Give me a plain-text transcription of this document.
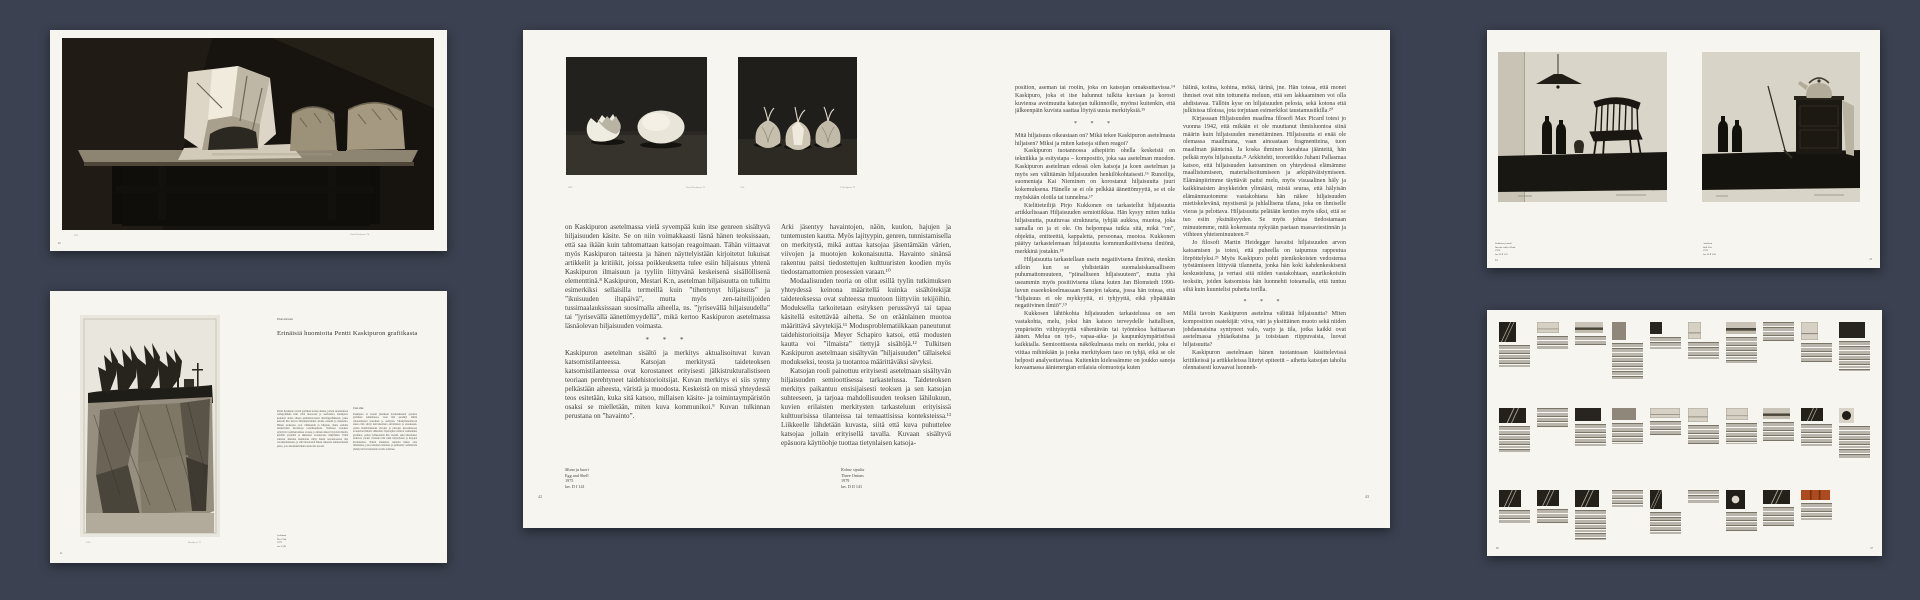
I/III	Pentti Kaskipuro 74
40
5/50	Kaskipuro 72
Erkki Anttonen
Erinäisiä huomioita Pentti Kaskipuron grafiikasta
Pentti Kaskipuro aloitti grafiikan uransa aikana, jolloin suomalainen taidegrafiikka haki vielä muotoaan ja asemaansa. Kaskipuro keskittyi alusta alkaen pienimuotoiseen metalligrafiikkaan, jonka keinoin hän kuvasi lähiympäristönsä arkisia esineitä ja maisemia. Hänen teoksensa ovat vähäeleisiä ja hiljaisia, mutta samalla intensiivisiä havaintoja todellisuudesta. Varhaiset vedokset syntyivät vaatimattomissa oloissa, ja niiden aiheet löytyivät läheltä, keittiön pöydältä ja ikkunasta avautuvasta näkymästä. Tämä arkisten aiheiden kunnioitus säilyi hänen tuotannossaan läpi vuosikymmenten, ja siitä muodostui hänen taiteensa tunnusomaisin piirre, jota aikalaiskritiikki toistuvasti korosti.
Uusi alku
Kaskipuro ei saanut juurikaan kouluaikanaan opetusta grafiikan tekniikoissa, vaan hän perehtyi niihin omatoimisesti kokeillen ja erehtyen. Viisikymmenluvun alussa hän siirtyi kuivaneulasta akvatintaan ja etsaukseen, joiden mahdollisuudet sävyjen ja pintojen kuvaamisessa avautuivat hänelle vähitellen. Opettajina toimivat vanhemmat graafikot, joiden työhuoneilla hän vieraili, sekä ulkomaiset esikuvat, joiden vedoksia hän tutki näyttelyissä ja kirjojen kuvituksissa. Näistä aineksista rakentui hänen oma ilmaisunsa, jossa tekninen taituruus ja pelkistetty sommittelu yhdistyvät harvinaisella tavalla toisiinsa.
Jyrkänne
The Cliff
1972
ets. C 68
41
II/IV	Pentti Kaskipuro 75	2/50	P. Kaskipuro 79

on Kaskipuron asetelmassa vielä syvempää kuin itse genreen sisältyvä hiljaisuuden käsite. Se on niin voimakkaasti läsnä hänen teoksissaan, että saa ikään kuin tahtomattaan katsojan reagoimaan. Tähän viittaavat myös Kaskipuron taiteesta ja hänen näyttelyistään kirjoitetut lukuisat artikkelit ja kritiikit, joissa poikkeuksetta tulee esiin hiljaisuus yhtenä Kaskipuron ilmaisuun ja tyyliin liittyvänä keskeisenä sisällöllisenä elementtinä.⁸ Kaskipuron, Mestari K:n, asetelman hiljaisuutta on tulkittu esimerkiksi sellaisilla termeillä kuin ”tihentynyt hiljaisuus” ja ”ikuisuuden iltapäivä”, mutta myös zen-taiteilijoiden tussimaalauksissaan suosimalla aiheella, ns. ”jyrisevällä hiljaisuudella” tai ”jyrisevällä äänettömyydellä”, mikä kertoo Kaskipuron asetelmassa läsnäolevan hiljaisuuden voimasta.

* * *

Kaskipuron asetelman sisältö ja merkitys aktualisoituvat kuvan katsomistilanteessa. Katsojan merkitystä taideteoksen katsomistilanteessa ovat korostaneet erityisesti jälkistrukturalistiseen teoriaan perehtyneet taidehistorioitsijat. Kuvan merkitys ei siis synny pelkästään aiheesta, väristä ja muodosta. Keskeistä on missä yhteydessä teos esitetään, kuka sitä katsoo, millaisen käsite- ja toimintaympäristön osaksi se mielletään, miten kuva kommunikoi.⁹ Kuvan tulkinnan perustana on ”havainto”.

Arki jäsentyy havaintojen, näön, kuulon, hajujen ja tuntemusten kautta. Myös lajityypin, genren, tunnistamisella on merkitystä, mikä auttaa katsojaa jäsentämään värien, viivojen ja muotojen kokonaisuutta. Havainto sinänsä rakentuu paitsi tiedostettujen kulttuuristen koodien myös tiedostamattomien prosessien varaan.¹⁰

Modaalisuuden teoria on ollut esillä tyylin tutkimuksen yhteydessä keinona määritellä kuinka sisältötekijät taideteoksessa ovat suhteessa muotoon liittyviin tekijöihin. Moduksella tarkoitetaan esityksen perussävyä tai tapaa käsitellä esitettävää aihetta. Se on eräänlainen muotoa määrittävä sävytekijä.¹¹ Modusproblematiikkaan paneutunut taidehistorioitsija Meyer Schapiro katsoi, että modusten kautta voi ”ilmaista” tiettyjä sisältöjä.¹² Tulkitsen Kaskipuron asetelmaan sisältyvän ”hiljaisuuden” tällaiseksi modukseksi, teosta ja tuotantoa määrittäväksi sävyksi.

Katsojan rooli painottuu erityisesti asetelmaan sisältyvän hiljaisuuden semioottisessa tarkastelussa. Taideteoksen merkitys paikantuu ensisijaisesti teoksen ja sen katsojan suhteeseen, ja tarjoaa mahdollisuuden teoksen lähilukuun, kuvien erilaisten merkitysten tarkasteluun erityisissä kulttuurisissa tilanteissa tai temaattisissa konteksteissa.¹³ Liikkeelle lähdetään kuvasta, siitä että kuva puhuttelee katsojaa jollain erityisellä tavalla. Kuvaan sisältyvä epäsuora käyttöohje tuottaa tietynlaisen katsoja-

Muna ja kuori
Egg and Shell
1975
lav. D I 141
Kolme sipulia
Three Onions
1979
lav. D II 141
42

position, aseman tai roolin, joka on katsojan omaksuttavissa.¹⁴ Kaskipuro, joka ei itse halunnut tulkita kuviaan ja korosti kuviensa avoimuutta katsojan tulkinnoille, myönsi kuitenkin, että jälkeenpäin kuvista saattaa löytyä uusia merkityksiä.¹⁵

* * *

Mitä hiljaisuus oikeastaan on? Mikä tekee Kaskipuron asetelmasta hiljaisen? Miksi ja miten katsoja siihen reagoi?

Kaskipuron tuotannossa aihepiirin ohella keskeistä on tekniikka ja esitystapa – kompositio, joka saa asetelman muodon. Kaskipuron asetelman edessä olen katsoja ja koen asetelman ja myös sen välittämän hiljaisuuden henkilökohtaisesti.¹⁶ Runoilija, suomentaja Kai Nieminen on korostanut hiljaisuutta juuri kokemuksena. Hänelle se ei ole pelkkää äänettömyyttä, se ei ole myöskään olotila tai tunnelma.¹⁷

Kielitieteilijä Pirjo Kukkonen on tarkastellut hiljaisuutta artikkelissaan Hiljaisuuden semiotiikkaa. Hän kysyy miten tutkia hiljaisuutta, puuttuvaa struktuuria, tyhjää aukkoa, muotoa, joka samalla on ja ei ole. On helpompaa tutkia sitä, mikä ”on”, objektia, entiteettiä, kappaletta, persoonaa, muotoa. Kukkonen päätyy tarkastelemaan hiljaisuutta kommunikatiivisena ilmiönä, merkkinä jostakin.¹⁸

Hiljaisuutta tarkastellaan usein negatiivisena ilmiönä, etenkin silloin kun se yhdistetään suomalaiskansalliseen puhumattomuuteen, ”piinalliseen hiljaisuuteen”, mutta yhä useammin myös positiivisena tilana kuten Jan Blomstedt 1990-luvun esseekokoelmassaan Sanojen takana, jossa hän toteaa, että ”hiljaisuus ei ole mykkyyttä, ei tyhjyyttä, eikä ylipäätään negatiivinen ilmiö”.¹⁹

Kukkosen lähtökohta hiljaisuuden tarkastelussa on sen vastakohta, melu, joksi hän katsoo terveydelle haitallisen, ympäristön viihtyisyyttä vähentävän tai työntekoa haittaavan äänen. Melua on työ-, vapaa-aika- ja kaupunkiympäristössä kaikkialla. Semioottisesta näkökulmasta melu on merkki, joka ei viittaa mihinkään ja jonka merkityksen taso on tyhjä, eikä se ole helposti analysoitavissa. Kuitenkin kielessämme on joukko sanoja kuvaamassa äänienergian erilaisia olomuotoja kuten

hälinä, kolina, kohina, mökä, tärinä, jne. Hän toteaa, että monet ihmiset ovat niin tottuneita meluun, että sen lakkaaminen voi olla ahdistavaa. Tällöin kyse on hiljaisuuden pelosta, sekä kotona että julkisissa tiloissa, jota torjutaan esimerkiksi taustamusiikilla.²⁰

Kirjassaan Hiljaisuuden maailma filosofi Max Picard totesi jo vuonna 1942, että mikään ei ole muuttanut ihmisluontoa siinä määrin kuin hiljaisuuden menettäminen. Hiljaisuutta ei enää ole olemassa maailmana, vaan ainoastaan fragmentteina, tuon maailman jäänteinä. Ja koska ihminen kavahtaa jäänteitä, hän pelkää myös hiljaisuutta.²¹ Arkkitehti, teoreetikko Juhani Pallasmaa katsoo, että hiljaisuuden katoaminen on yhteydessä elämämme maallistumiseen, materialisoitumiseen ja arkipäiväistymiseen. Elämänpiirimme täyttävät paitsi melu, myös visuaalinen häly ja kaikkinaisten ärsykkeiden ylimäärä, mistä seuraa, että hälyisän elämänmuotomme vastakohtana hän näkee hiljaisuuden mietiskelevänä, mystisenä ja juhlallisena tilana, joka on ihmiselle vieras ja pelottava. Hiljaisuutta pelätään kenties myös siksi, että se tuo esiin yksinäisyyden. Se myös johtaa tiedostamaan minuutemme, mitä kokemusta nykyään paetaan massaviestinnän ja viihteen yhteisminuuteen.²²

Jo filosofi Martin Heidegger havaitsi hiljaisuuden arvon katoamisen ja totesi, että puheella on taipumus rappeutua lörpöttelyksi.²³ Myös Kaskipuro pohti pienikokoisten vedostensa työstämiseen liittyvää tilannetta, jonka hän koki kahdenkeskisenä keskusteluna, ja vertasi sitä niiden vastakohtaan, suurikokoisiin teoksiin, joiden katsomista hän luonnehti toteamalla, että tuntuu siltä kuin kuuntelisi puhetta torilla.

* * *

Millä tavoin Kaskipuron asetelma välittää hiljaisuutta? Miten komposition osatekijät: viiva, väri ja yksittäinen muoto sekä niiden johdannaisina syntyneet valo, varjo ja tila, jotka kaikki ovat asetelmassa yhtäaikaisina ja toisistaan riippuvaisia, luovat hiljaisuutta?

Kaskipuron asetelmaan hänen tuotantoaan käsittelevissä kritiikeissä ja artikkeleissa liitetyt epiteetit – aihetta katsojan taholta olennaisesti kuvaavat luonneh-

43
Sisäkuva ja tuoli
Interior with a Chair
1978
lav. D II 152
Asetelma
Still Life
1979
lav. D II 158
44	45
96	97
